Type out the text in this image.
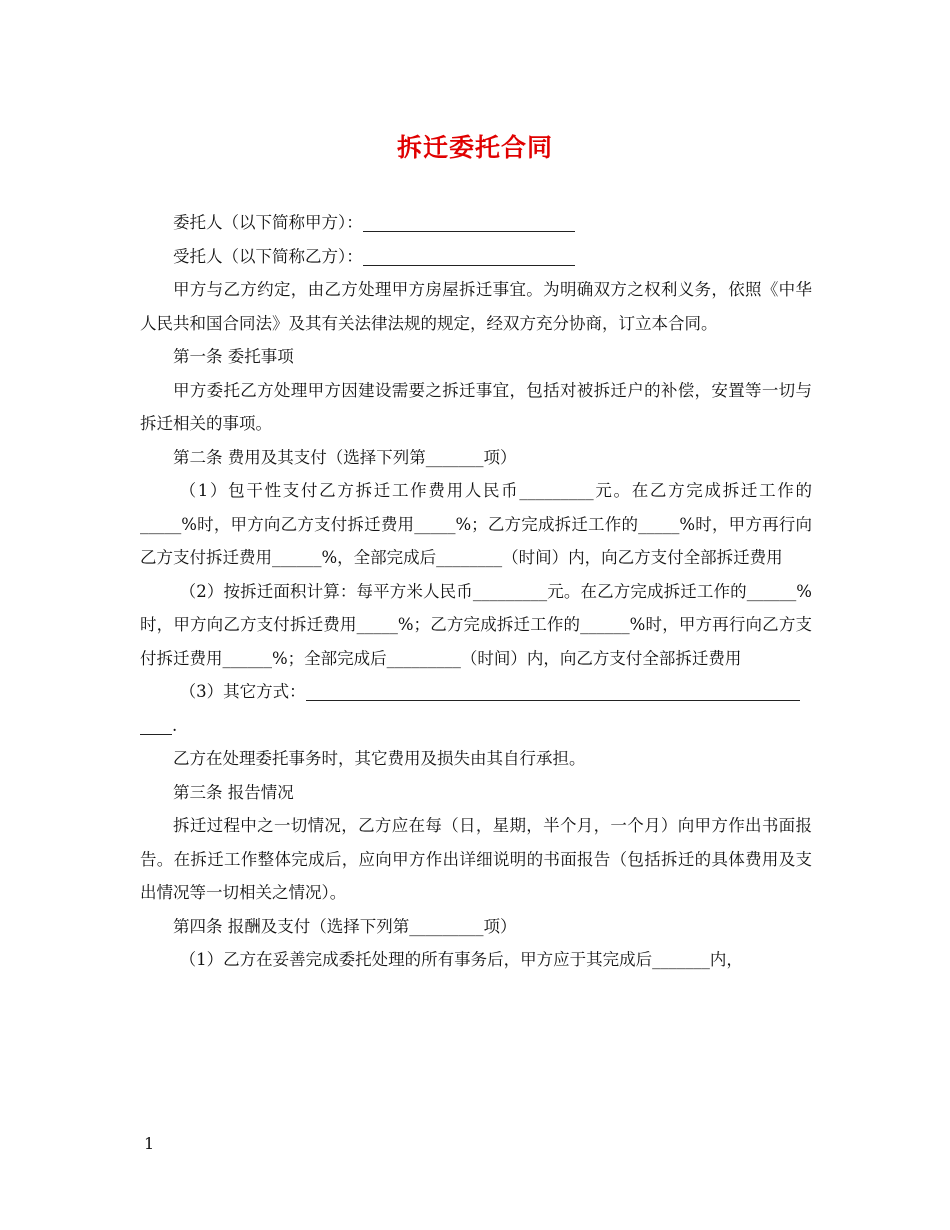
拆迁委托合同

委托人（以下简称甲方）：

受托人（以下简称乙方）：

甲方与乙方约定，由乙方处理甲方房屋拆迁事宜。为明确双方之权利义务，依照《中华人民共和国合同法》及其有关法律法规的规定，经双方充分协商，订立本合同。

第一条 委托事项

甲方委托乙方处理甲方因建设需要之拆迁事宜，包括对被拆迁户的补偿，安置等一切与拆迁相关的事项。

第二条 费用及其支付（选择下列第_______项）

（1）包干性支付乙方拆迁工作费用人民币_________元。在乙方完成拆迁工作的_____%时，甲方向乙方支付拆迁费用_____%；乙方完成拆迁工作的_____%时，甲方再行向乙方支付拆迁费用______%，全部完成后________（时间）内，向乙方支付全部拆迁费用

（2）按拆迁面积计算：每平方米人民币_________元。在乙方完成拆迁工作的______%时，甲方向乙方支付拆迁费用_____%；乙方完成拆迁工作的______%时，甲方再行向乙方支付拆迁费用______%；全部完成后_________（时间）内，向乙方支付全部拆迁费用

（3）其它方式：

.

乙方在处理委托事务时，其它费用及损失由其自行承担。

第三条 报告情况

拆迁过程中之一切情况，乙方应在每（日，星期，半个月，一个月）向甲方作出书面报告。在拆迁工作整体完成后，应向甲方作出详细说明的书面报告（包括拆迁的具体费用及支出情况等一切相关之情况）。

第四条 报酬及支付（选择下列第_________项）

（1）乙方在妥善完成委托处理的所有事务后，甲方应于其完成后_______内，

1
